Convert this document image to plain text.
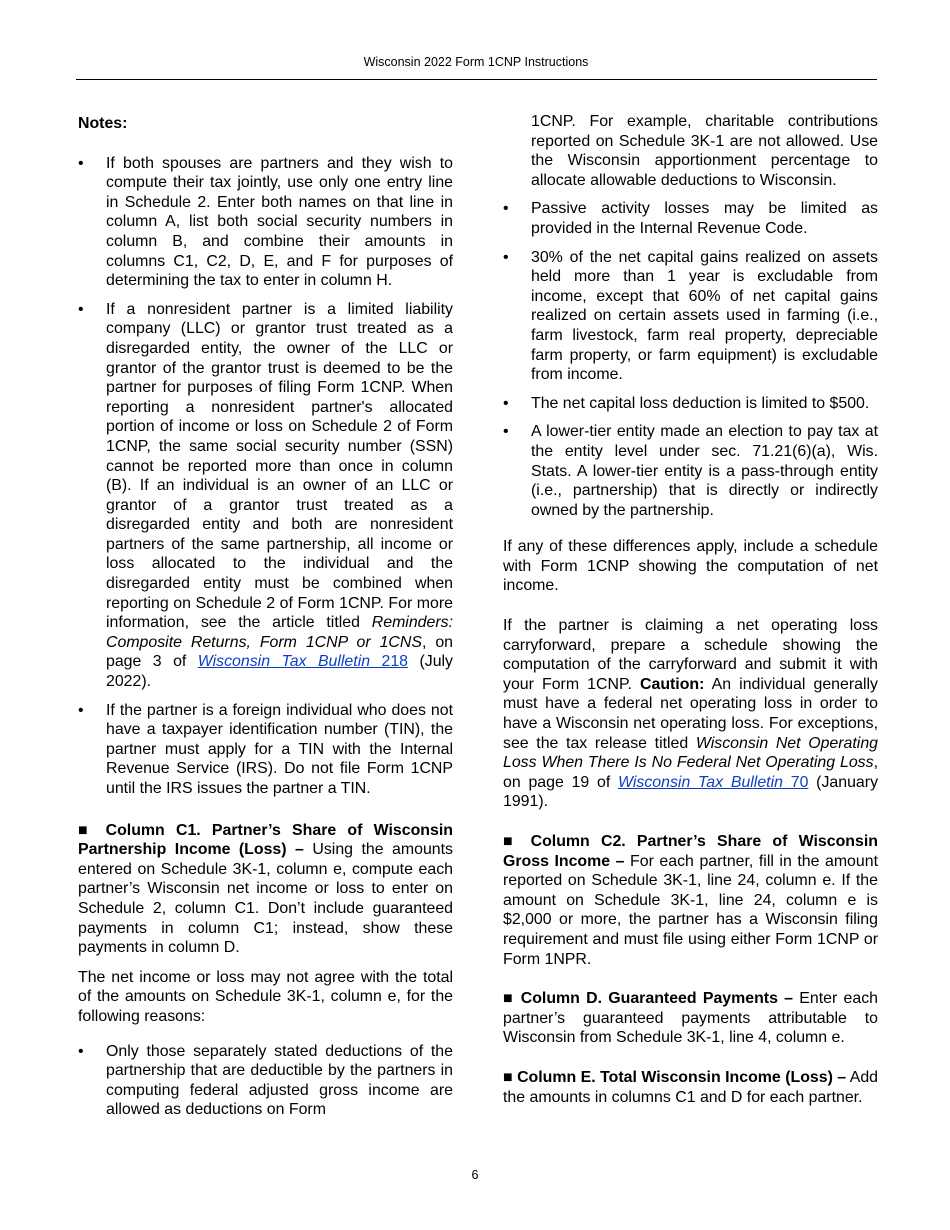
Wisconsin 2022 Form 1CNP Instructions

Notes:

•	If both spouses are partners and they wish to compute their tax jointly, use only one entry line in Schedule 2. Enter both names on that line in column A, list both social security numbers in column B, and combine their amounts in columns C1, C2, D, E, and F for purposes of determining the tax to enter in column H.
•	If a nonresident partner is a limited liability company (LLC) or grantor trust treated as a disregarded entity, the owner of the LLC or grantor of the grantor trust is deemed to be the partner for purposes of filing Form 1CNP. When reporting a nonresident partner's allocated portion of income or loss on Schedule 2 of Form 1CNP, the same social security number (SSN) cannot be reported more than once in column (B). If an individual is an owner of an LLC or grantor of a grantor trust treated as a disregarded entity and both are nonresident partners of the same partnership, all income or loss allocated to the individual and the disregarded entity must be combined when reporting on Schedule 2 of Form 1CNP. For more information, see the article titled Reminders: Composite Returns, Form 1CNP or 1CNS, on page 3 of Wisconsin Tax Bulletin 218 (July 2022).
•	If the partner is a foreign individual who does not have a taxpayer identification number (TIN), the partner must apply for a TIN with the Internal Revenue Service (IRS). Do not file Form 1CNP until the IRS issues the partner a TIN.

■ Column C1. Partner’s Share of Wisconsin Partnership Income (Loss) – Using the amounts entered on Schedule 3K-1, column e, compute each partner’s Wisconsin net income or loss to enter on Schedule 2, column C1. Don’t include guaranteed payments in column C1; instead, show these payments in column D.

The net income or loss may not agree with the total of the amounts on Schedule 3K-1, column e, for the following reasons:

•	Only those separately stated deductions of the partnership that are deductible by the partners in computing federal adjusted gross income are allowed as deductions on Form

1CNP. For example, charitable contributions reported on Schedule 3K-1 are not allowed. Use the Wisconsin apportionment percentage to allocate allowable deductions to Wisconsin.

•	Passive activity losses may be limited as provided in the Internal Revenue Code.
•	30% of the net capital gains realized on assets held more than 1 year is excludable from income, except that 60% of net capital gains realized on certain assets used in farming (i.e., farm livestock, farm real property, depreciable farm property, or farm equipment) is excludable from income.
•	The net capital loss deduction is limited to $500.
•	A lower-tier entity made an election to pay tax at the entity level under sec. 71.21(6)(a), Wis. Stats. A lower-tier entity is a pass-through entity (i.e., partnership) that is directly or indirectly owned by the partnership.

If any of these differences apply, include a schedule with Form 1CNP showing the computation of net income.

If the partner is claiming a net operating loss carryforward, prepare a schedule showing the computation of the carryforward and submit it with your Form 1CNP. Caution: An individual generally must have a federal net operating loss in order to have a Wisconsin net operating loss. For exceptions, see the tax release titled Wisconsin Net Operating Loss When There Is No Federal Net Operating Loss, on page 19 of Wisconsin Tax Bulletin 70 (January 1991).

■ Column C2. Partner’s Share of Wisconsin Gross Income – For each partner, fill in the amount reported on Schedule 3K-1, line 24, column e. If the amount on Schedule 3K-1, line 24, column e is $2,000 or more, the partner has a Wisconsin filing requirement and must file using either Form 1CNP or Form 1NPR.

■ Column D. Guaranteed Payments – Enter each partner’s guaranteed payments attributable to Wisconsin from Schedule 3K-1, line 4, column e.

■ Column E. Total Wisconsin Income (Loss) – Add the amounts in columns C1 and D for each partner.

6
